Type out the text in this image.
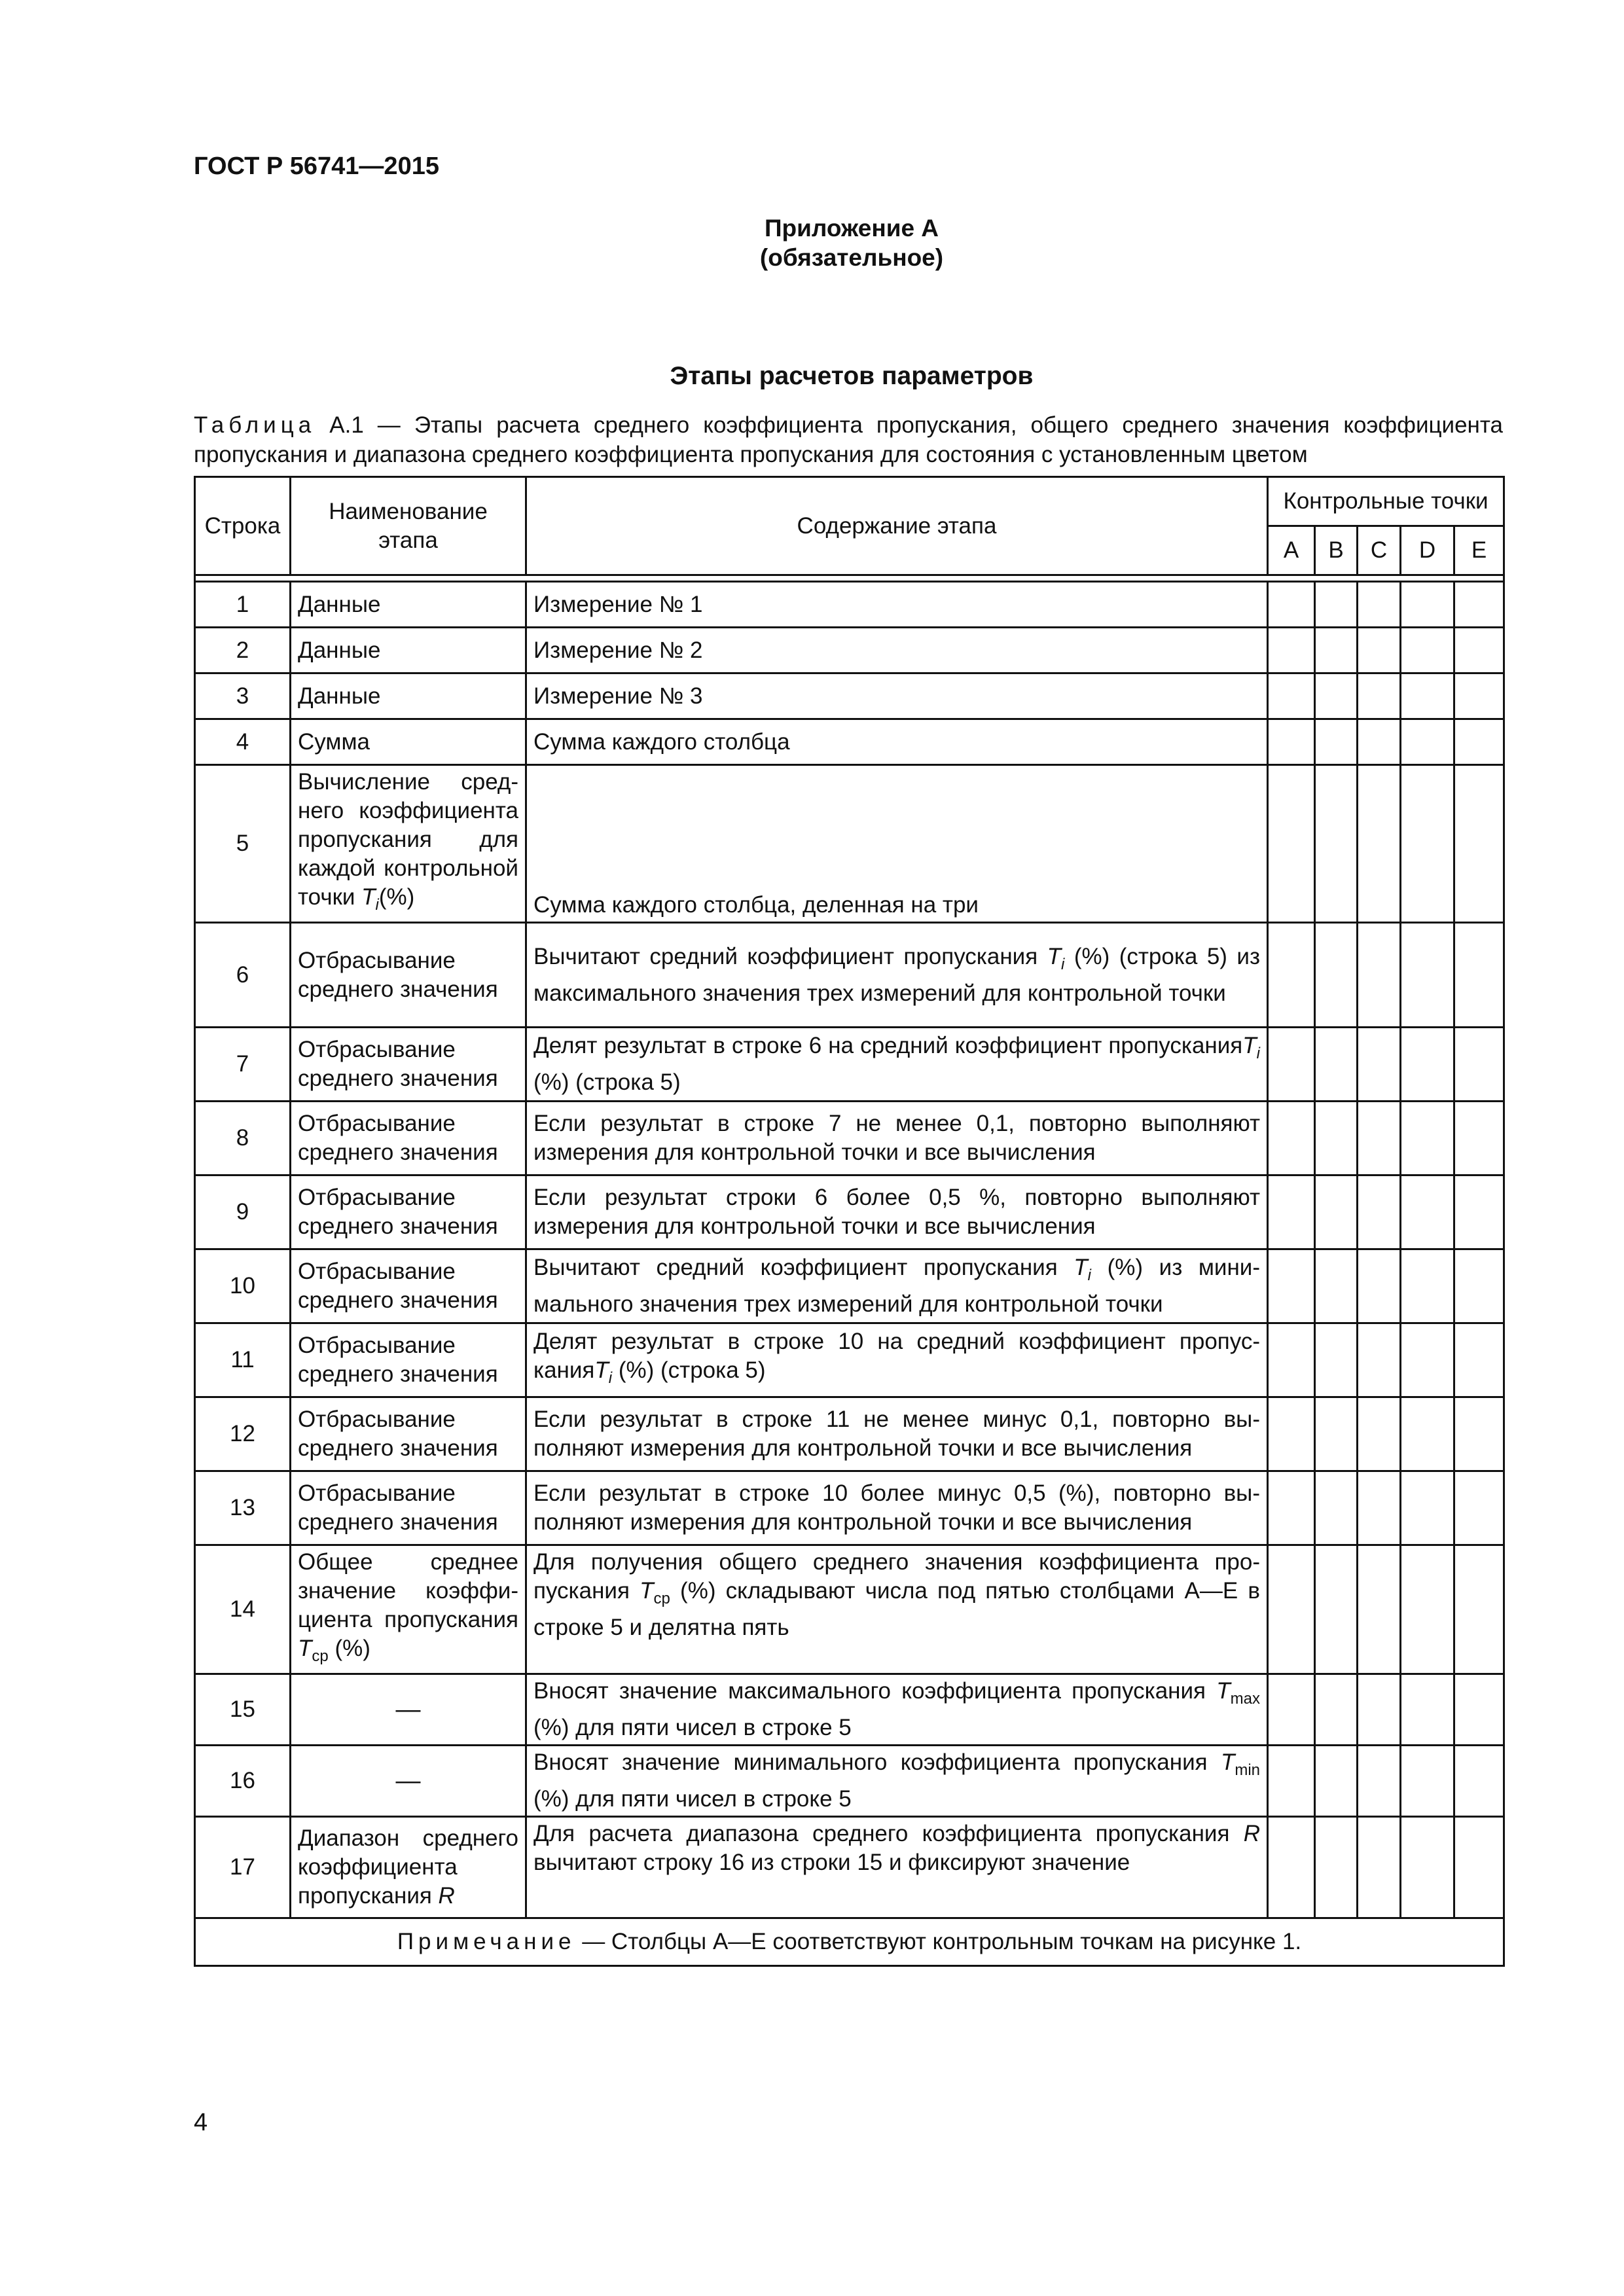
ГОСТ Р 56741—2015
Приложение А
(обязательное)
Этапы расчетов параметров
Таблица А.1 — Этапы расчета среднего коэффициента пропускания, общего среднего значения коэффициента пропускания и диапазона среднего коэффициента пропускания для состояния с установленным цветом
Строка	Наименование этапа	Содержание этапа	Контрольные точки				
			A	B	C	D	E

1	Данные	Измерение № 1					
2	Данные	Измерение № 2					
3	Данные	Измерение № 3					
4	Сумма	Сумма каждого столбца					
5	Вычисление среднего коэффициента пропускания для каждой контрольной точки $T_i(\%)$	Сумма каждого столбца, деленная на три					
6	Отбрасывание среднего значения	Вычитают средний коэффициент пропускания $T_i$ (%) (строка 5) из максимального значения трех измерений для контрольной точки					
7	Отбрасывание среднего значения	Делят результат в строке 6 на средний коэффициент пропусканияT$_i$ (%) (строка 5)					
8	Отбрасывание среднего значения	Если результат в строке 7 не менее 0,1, повторно выполняют измерения для контрольной точки и все вычисления					
9	Отбрасывание среднего значения	Если результат строки 6 более 0,5 %, повторно выполняют измерения для контрольной точки и все вычисления					
10	Отбрасывание среднего значения	Вычитают средний коэффициент пропускания $T_i$ (%) из минимального значения трех измерений для контрольной точки					
11	Отбрасывание среднего значения	Делят результат в строке 10 на средний коэффициент пропусканияT$_i$ (%) (строка 5)					
12	Отбрасывание среднего значения	Если результат в строке 11 не менее минус 0,1, повторно выполняют измерения для контрольной точки и все вычисления					
13	Отбрасывание среднего значения	Если результат в строке 10 более минус 0,5 (%), повторно выполняют измерения для контрольной точки и все вычисления					
14	Общее среднее значение коэффициента пропускания $T_{ср}$ (%)	Для получения общего среднего значения коэффициента пропускания $T_{ср}$ (%) складывают числа под пятью столбцами А—Е в строке 5 и делятна пять					
15	—	Вносят значение максимального коэффициента пропускания $T_{max}$ (%) для пяти чисел в строке 5					
16	—	Вносят значение минимального коэффициента пропускания $T_{min}$ (%) для пяти чисел в строке 5					
17	Диапазон среднего коэффициента пропускания R	Для расчета диапазона среднего коэффициента пропускания R вычитают строку 16 из строки 15 и фиксируют значение					
Примечание — Столбцы А—Е соответствуют контрольным точкам на рисунке 1.							
4
